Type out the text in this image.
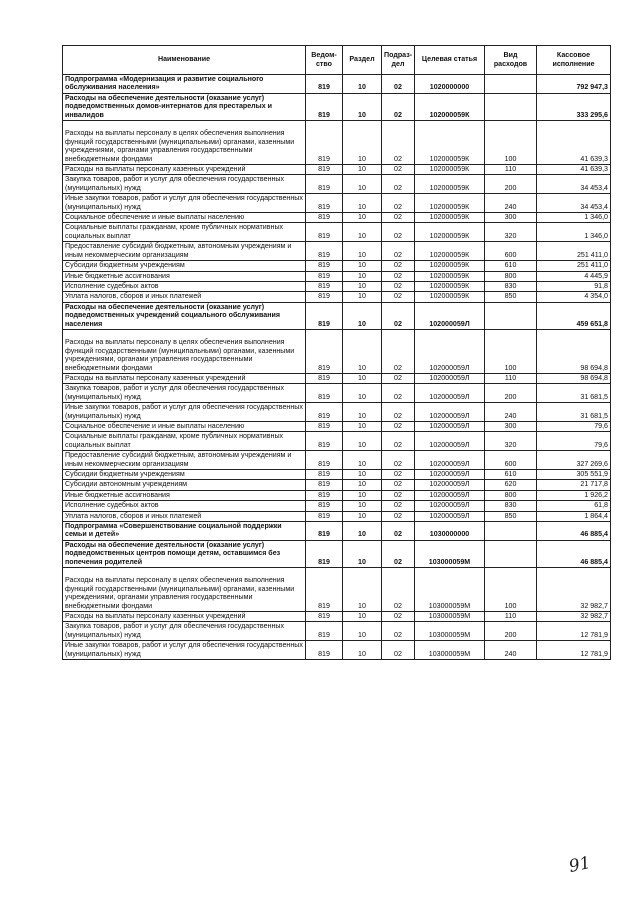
Наименование	Ведом-ство	Раздел	Подраз-дел	Целевая статья	Вид расходов	Кассовое исполнение
Подпрограмма «Модернизация и развитие социального обслуживания населения»	819	10	02	1020000000		792 947,3
Расходы на обеспечение деятельности (оказание услуг) подведомственных домов-интернатов для престарелых и инвалидов	819	10	02	102000059К		333 295,6
Расходы на выплаты персоналу в целях обеспечения выполнения функций государственными (муниципальными) органами, казенными учреждениями, органами управления государственными внебюджетными фондами	819	10	02	102000059К	100	41 639,3
Расходы на выплаты персоналу казенных учреждений	819	10	02	102000059К	110	41 639,3
Закупка товаров, работ и услуг для обеспечения государственных (муниципальных) нужд	819	10	02	102000059К	200	34 453,4
Иные закупки товаров, работ и услуг для обеспечения государственных (муниципальных) нужд	819	10	02	102000059К	240	34 453,4
Социальное обеспечение и иные выплаты населению	819	10	02	102000059К	300	1 346,0
Социальные выплаты гражданам, кроме публичных нормативных социальных выплат	819	10	02	102000059К	320	1 346,0
Предоставление субсидий бюджетным, автономным учреждениям и иным некоммерческим организациям	819	10	02	102000059К	600	251 411,0
Субсидии бюджетным учреждениям	819	10	02	102000059К	610	251 411,0
Иные бюджетные ассигнования	819	10	02	102000059К	800	4 445,9
Исполнение судебных актов	819	10	02	102000059К	830	91,8
Уплата налогов, сборов и иных платежей	819	10	02	102000059К	850	4 354,0
Расходы на обеспечение деятельности (оказание услуг) подведомственных учреждений социального обслуживания населения	819	10	02	102000059Л		459 651,8
Расходы на выплаты персоналу в целях обеспечения выполнения функций государственными (муниципальными) органами, казенными учреждениями, органами управления государственными внебюджетными фондами	819	10	02	102000059Л	100	98 694,8
Расходы на выплаты персоналу казенных учреждений	819	10	02	102000059Л	110	98 694,8
Закупка товаров, работ и услуг для обеспечения государственных (муниципальных) нужд	819	10	02	102000059Л	200	31 681,5
Иные закупки товаров, работ и услуг для обеспечения государственных (муниципальных) нужд	819	10	02	102000059Л	240	31 681,5
Социальное обеспечение и иные выплаты населению	819	10	02	102000059Л	300	79,6
Социальные выплаты гражданам, кроме публичных нормативных социальных выплат	819	10	02	102000059Л	320	79,6
Предоставление субсидий бюджетным, автономным учреждениям и иным некоммерческим организациям	819	10	02	102000059Л	600	327 269,6
Субсидии бюджетным учреждениям	819	10	02	102000059Л	610	305 551,9
Субсидии автономным учреждениям	819	10	02	102000059Л	620	21 717,8
Иные бюджетные ассигнования	819	10	02	102000059Л	800	1 926,2
Исполнение судебных актов	819	10	02	102000059Л	830	61,8
Уплата налогов, сборов и иных платежей	819	10	02	102000059Л	850	1 864,4
Подпрограмма «Совершенствование социальной поддержки семьи и детей»	819	10	02	1030000000		46 885,4
Расходы на обеспечение деятельности (оказание услуг) подведомственных центров помощи детям, оставшимся без попечения родителей	819	10	02	103000059М		46 885,4
Расходы на выплаты персоналу в целях обеспечения выполнения функций государственными (муниципальными) органами, казенными учреждениями, органами управления государственными внебюджетными фондами	819	10	02	103000059М	100	32 982,7
Расходы на выплаты персоналу казенных учреждений	819	10	02	103000059М	110	32 982,7
Закупка товаров, работ и услуг для обеспечения государственных (муниципальных) нужд	819	10	02	103000059М	200	12 781,9
Иные закупки товаров, работ и услуг для обеспечения государственных (муниципальных) нужд	819	10	02	103000059М	240	12 781,9
91
